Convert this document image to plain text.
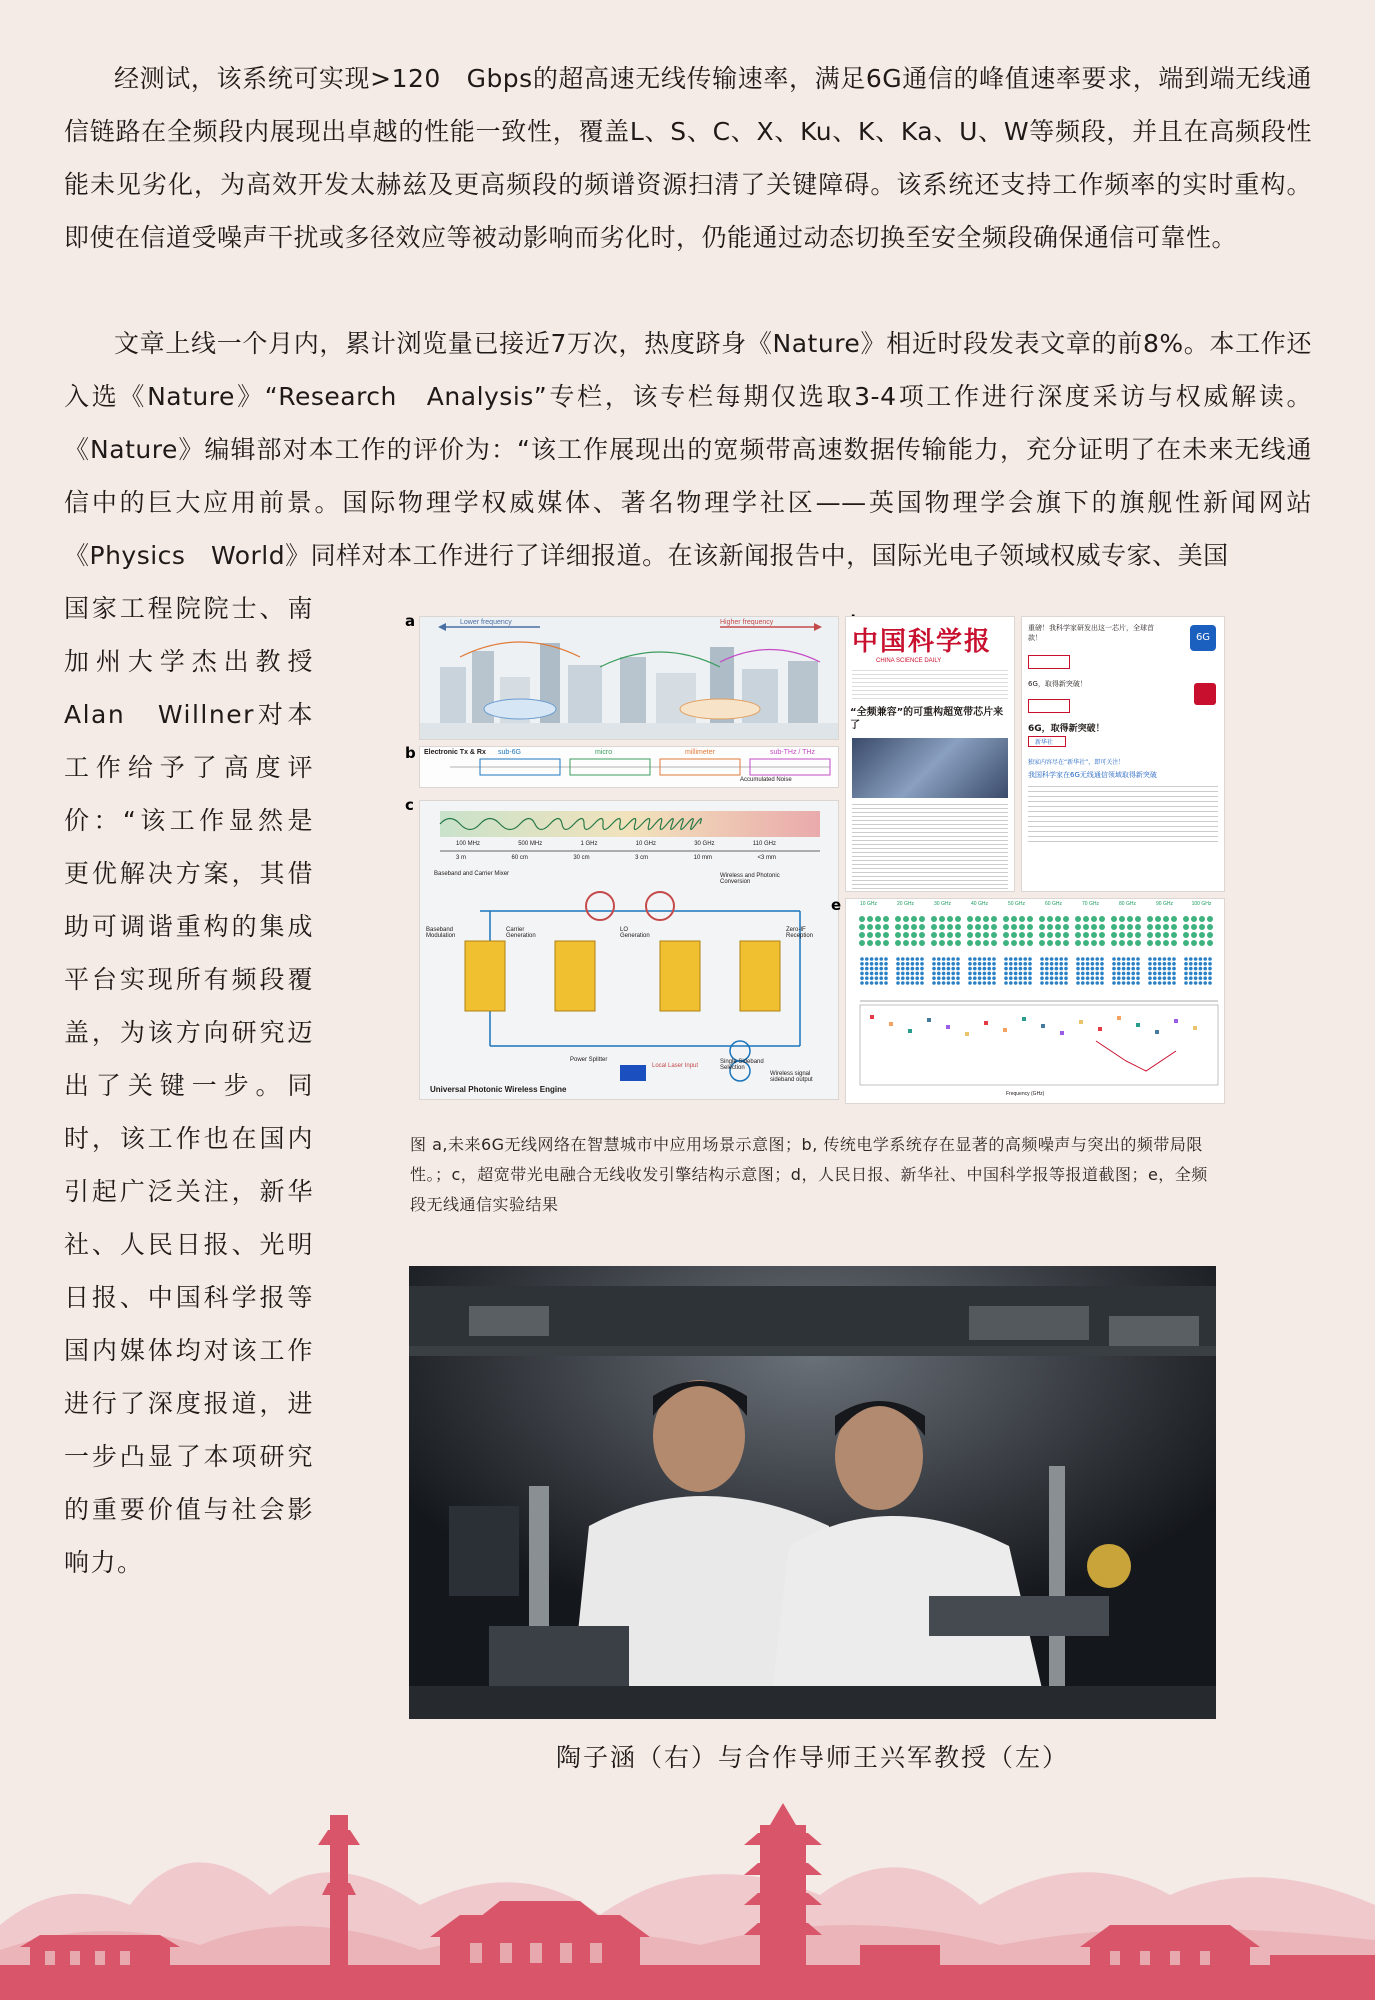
经测试，该系统可实现>120　Gbps的超高速无线传输速率，满足6G通信的峰值速率要求，端到端无线通信链路在全频段内展现出卓越的性能一致性，覆盖L、S、C、X、Ku、K、Ka、U、W等频段，并且在高频段性能未见劣化，为高效开发太赫兹及更高频段的频谱资源扫清了关键障碍。该系统还支持工作频率的实时重构。即使在信道受噪声干扰或多径效应等被动影响而劣化时，仍能通过动态切换至安全频段确保通信可靠性。

文章上线一个月内，累计浏览量已接近7万次，热度跻身《Nature》相近时段发表文章的前8%。本工作还入选《Nature》“Research　Analysis”专栏，该专栏每期仅选取3-4项工作进行深度采访与权威解读。《Nature》编辑部对本工作的评价为：“该工作展现出的宽频带高速数据传输能力，充分证明了在未来无线通信中的巨大应用前景。国际物理学权威媒体、著名物理学社区——英国物理学会旗下的旗舰性新闻网站《Physics　World》同样对本工作进行了详细报道。在该新闻报告中，国际光电子领域权威专家、美国

国家工程院院士、南加州大学杰出教授Alan　Willner对本工作给予了高度评价：“该工作显然是更优解决方案，其借助可调谐重构的集成平台实现所有频段覆盖，为该方向研究迈出了关键一步。同时，该工作也在国内引起广泛关注，新华社、人民日报、光明日报、中国科学报等国内媒体均对该工作进行了深度报道，进一步凸显了本项研究的重要价值与社会影响力。

a	Lower frequency	Higher frequency
b Electronic Tx & Rx sub-6G	micro	millimeter	sub-THz / THz
Accumulated Noise
c
100 MHz	500 MHz	1 GHz	10 GHz	30 GHz	110 GHz
3 m	60 cm	30 cm	3 cm	10 mm	<3 mm
Baseband and Carrier Mixer
Baseband Modulation
Carrier Generation
LO Generation
Wireless and Photonic Conversion
Zero-IF Reception
Local Laser Input
Single Sideband Selection
Wireless signal sideband output
Power Splitter
Universal Photonic Wireless Engine
中国科学报
CHINA SCIENCE DAILY
“全频兼容”的可重构超宽带芯片来了
重磅！我科学家研发出这一芯片，全球首款！	6G
6G，取得新突破！
6G，取得新突破！
新华社
独家内容尽在“新华社”，即可关注！
我国科学家在6G无线通信领域取得新突破
e	10 GHz	20 GHz	30 GHz	40 GHz	50 GHz	60 GHz	70 GHz	80 GHz	90 GHz	100 GHz
Frequency (GHz)

图 a,未来6G无线网络在智慧城市中应用场景示意图；b, 传统电学系统存在显著的高频噪声与突出的频带局限性。；c，超宽带光电融合无线收发引擎结构示意图；d，人民日报、新华社、中国科学报等报道截图；e，全频段无线通信实验结果

陶子涵（右）与合作导师王兴军教授（左）
